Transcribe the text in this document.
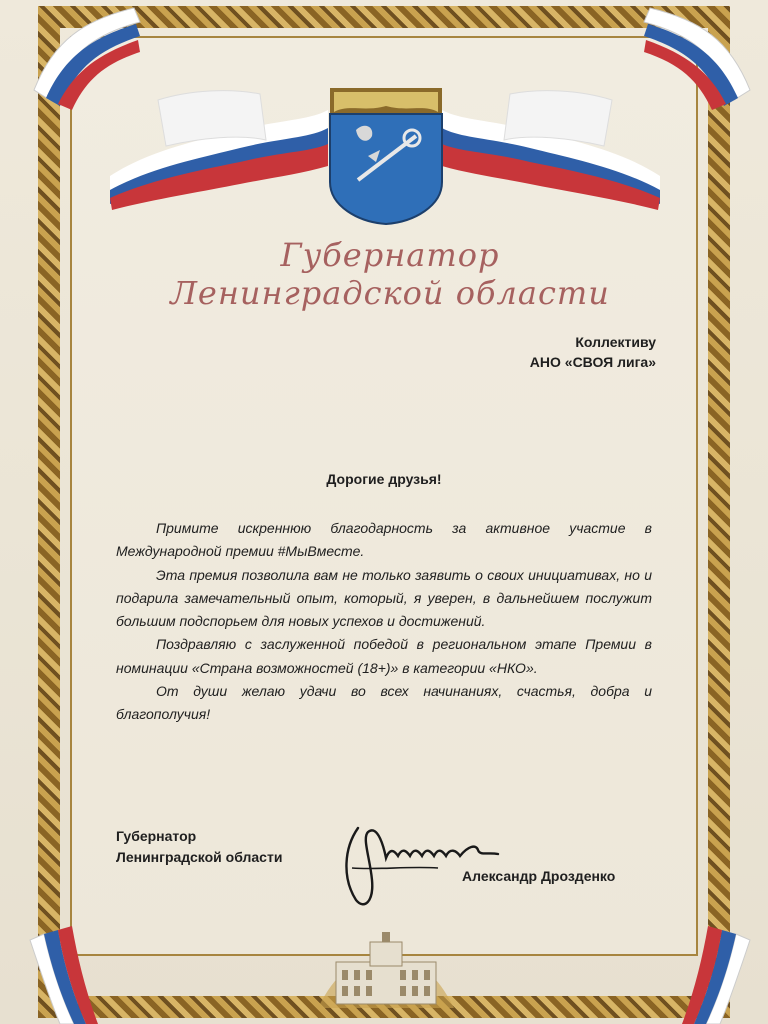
Губернатор Ленинградской области
Коллективу
АНО «СВОЯ лига»
Дорогие друзья!

Примите искреннюю благодарность за активное участие в Международной премии #МыВместе.

Эта премия позволила вам не только заявить о своих инициативах, но и подарила замечательный опыт, который, я уверен, в дальнейшем послужит большим подспорьем для новых успехов и достижений.

Поздравляю с заслуженной победой в региональном этапе Премии в номинации «Страна возможностей (18+)» в категории «НКО».

От души желаю удачи во всех начинаниях, счастья, добра и благополучия!

Губернатор
Ленинградской области
Александр Дрозденко
